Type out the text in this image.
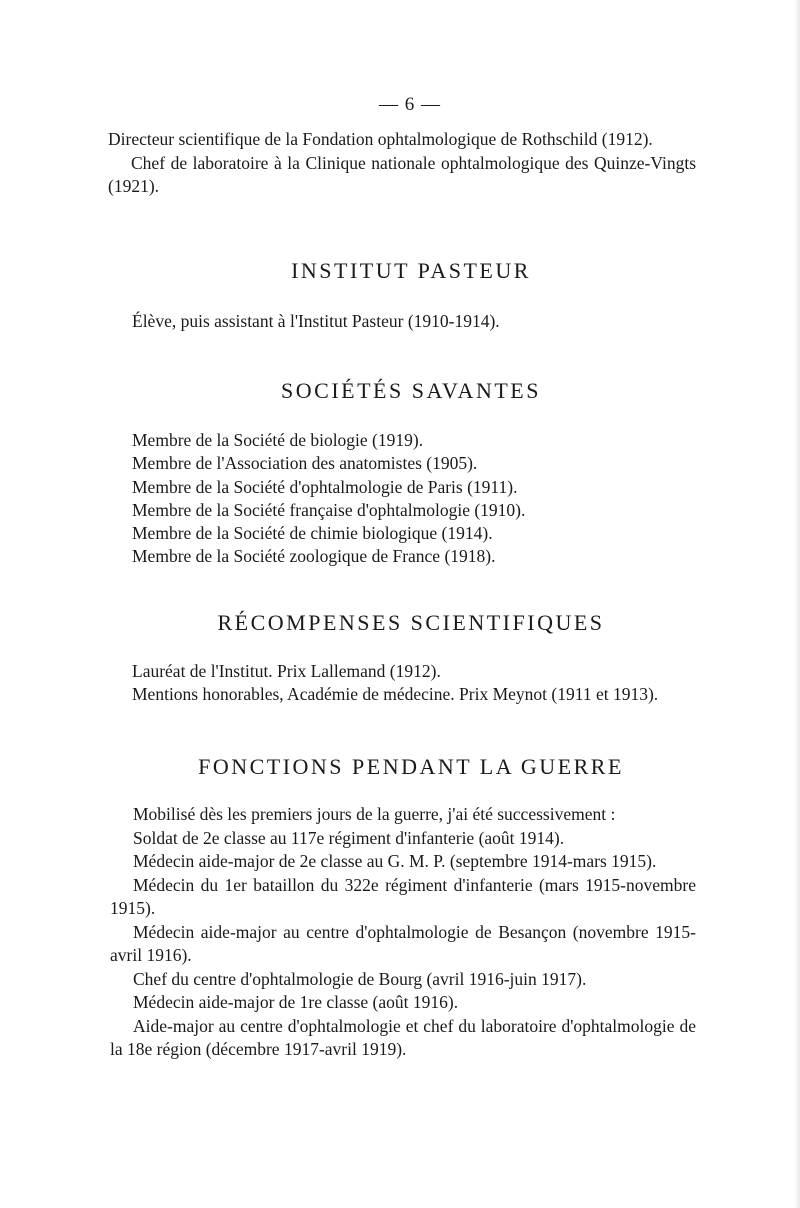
— 6 —

Directeur scientifique de la Fondation ophtalmologique de Rothschild (1912).

Chef de laboratoire à la Clinique nationale ophtalmologique des Quinze-Vingts (1921).

INSTITUT PASTEUR

Élève, puis assistant à l'Institut Pasteur (1910-1914).

SOCIÉTÉS SAVANTES

Membre de la Société de biologie (1919).

Membre de l'Association des anatomistes (1905).

Membre de la Société d'ophtalmologie de Paris (1911).

Membre de la Société française d'ophtalmologie (1910).

Membre de la Société de chimie biologique (1914).

Membre de la Société zoologique de France (1918).

RÉCOMPENSES SCIENTIFIQUES

Lauréat de l'Institut. Prix Lallemand (1912).

Mentions honorables, Académie de médecine. Prix Meynot (1911 et 1913).

FONCTIONS PENDANT LA GUERRE

Mobilisé dès les premiers jours de la guerre, j'ai été successivement :

Soldat de 2e classe au 117e régiment d'infanterie (août 1914).

Médecin aide-major de 2e classe au G. M. P. (septembre 1914-mars 1915).

Médecin du 1er bataillon du 322e régiment d'infanterie (mars 1915-novembre 1915).

Médecin aide-major au centre d'ophtalmologie de Besançon (novembre 1915-avril 1916).

Chef du centre d'ophtalmologie de Bourg (avril 1916-juin 1917).

Médecin aide-major de 1re classe (août 1916).

Aide-major au centre d'ophtalmologie et chef du laboratoire d'ophtalmologie de la 18e région (décembre 1917-avril 1919).
